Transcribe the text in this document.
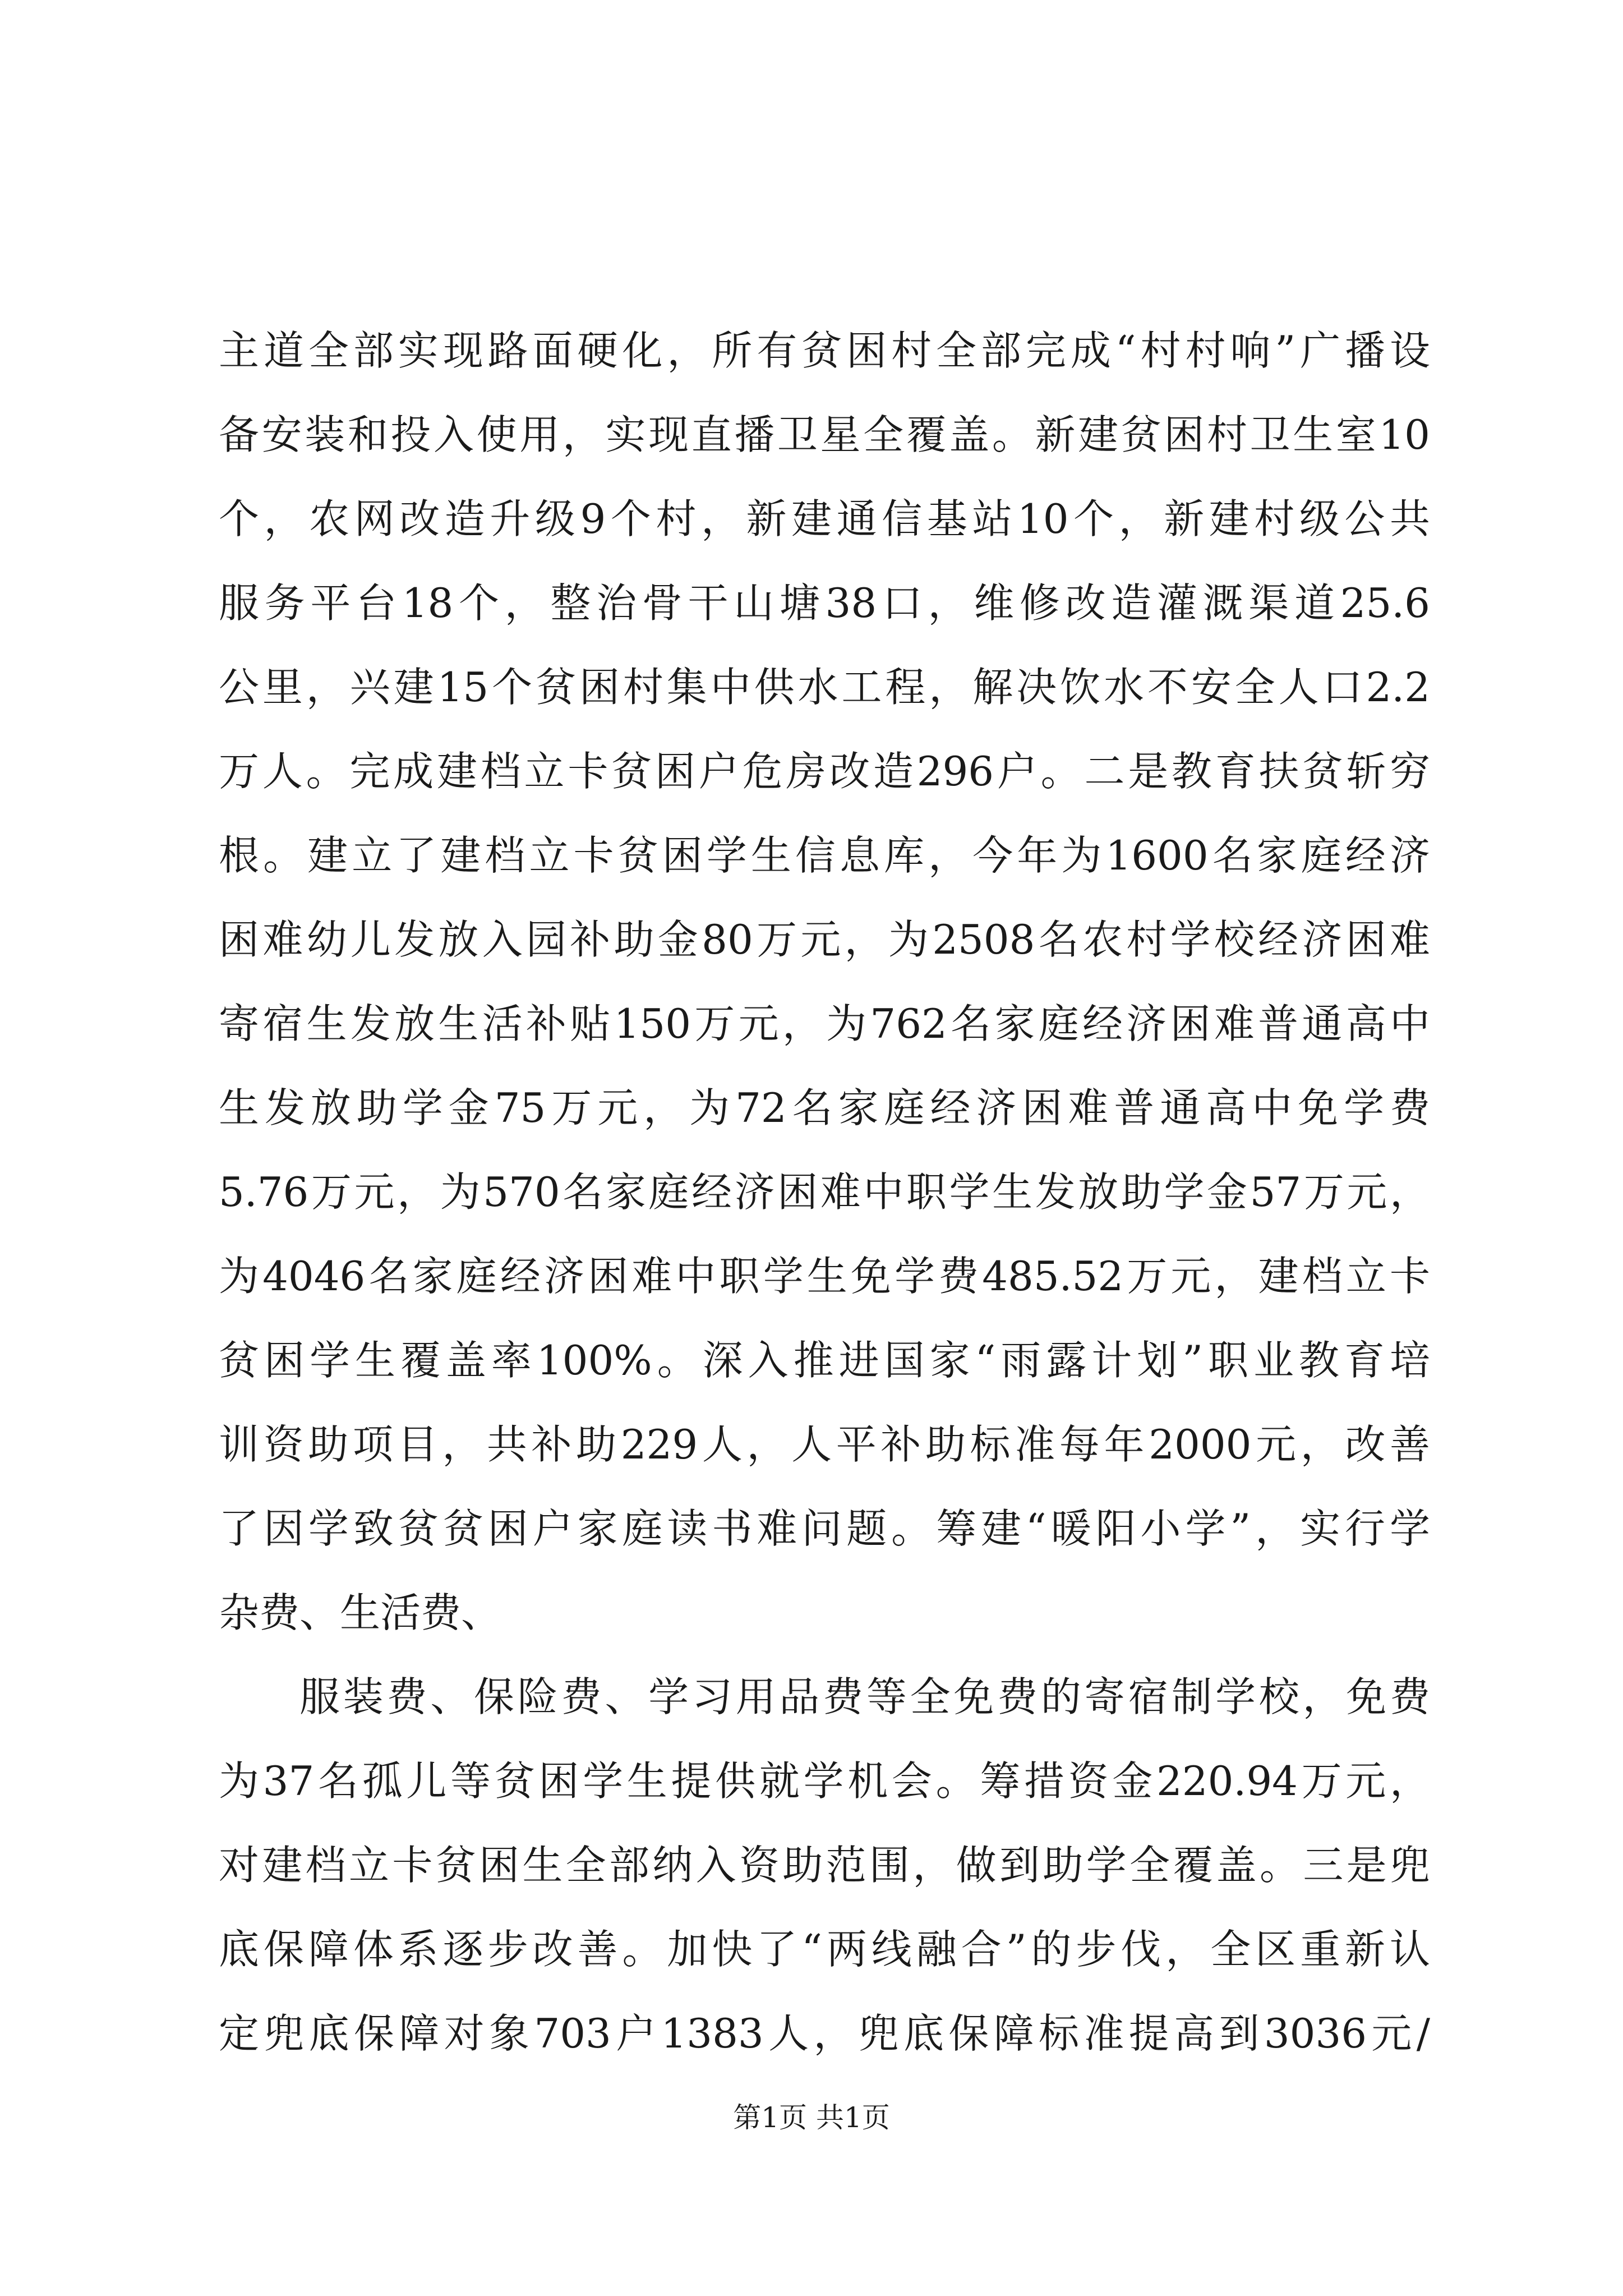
主道全部实现路面硬化，所有贫困村全部完成“村村响”广播设
备安装和投入使用，实现直播卫星全覆盖。新建贫困村卫生室10
个，农网改造升级9个村，新建通信基站10个，新建村级公共
服务平台18个，整治骨干山塘38口，维修改造灌溉渠道25.6
公里，兴建15个贫困村集中供水工程，解决饮水不安全人口2.2
万人。完成建档立卡贫困户危房改造296户。二是教育扶贫斩穷
根。建立了建档立卡贫困学生信息库，今年为1600名家庭经济
困难幼儿发放入园补助金80万元，为2508名农村学校经济困难
寄宿生发放生活补贴150万元，为762名家庭经济困难普通高中
生发放助学金75万元，为72名家庭经济困难普通高中免学费
5.76万元，为570名家庭经济困难中职学生发放助学金57万元，
为4046名家庭经济困难中职学生免学费485.52万元，建档立卡
贫困学生覆盖率100%。深入推进国家“雨露计划”职业教育培
训资助项目，共补助229人，人平补助标准每年2000元，改善
了因学致贫贫困户家庭读书难问题。筹建“暖阳小学”，实行学
杂费、生活费、
服装费、保险费、学习用品费等全免费的寄宿制学校，免费
为37名孤儿等贫困学生提供就学机会。筹措资金220.94万元，
对建档立卡贫困生全部纳入资助范围，做到助学全覆盖。三是兜
底保障体系逐步改善。加快了“两线融合”的步伐，全区重新认
定兜底保障对象703户1383人，兜底保障标准提高到3036元/
第1页 共1页
